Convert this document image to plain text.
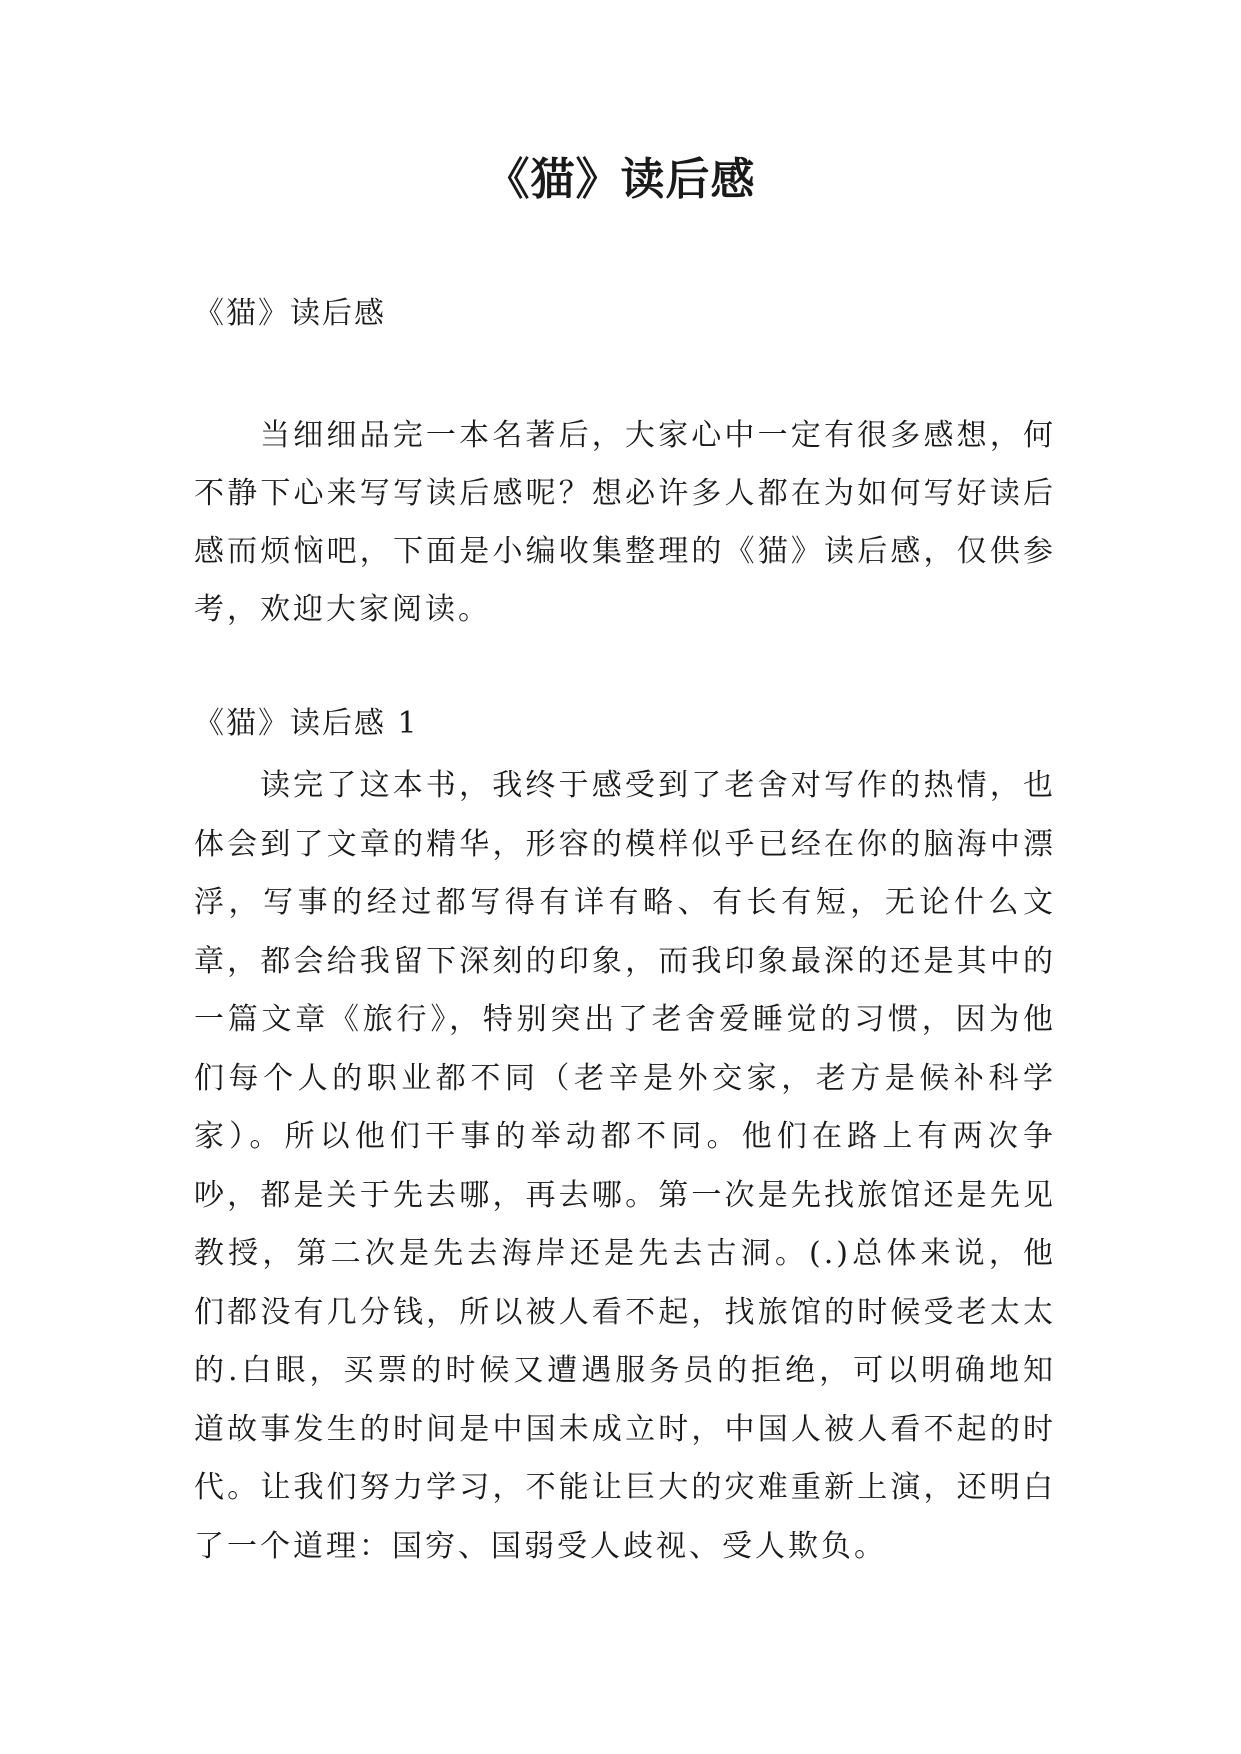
《猫》读后感
《猫》读后感

当细细品完一本名著后，大家心中一定有很多感想，何不静下心来写写读后感呢？想必许多人都在为如何写好读后感而烦恼吧，下面是小编收集整理的《猫》读后感，仅供参考，欢迎大家阅读。

《猫》读后感 1

读完了这本书，我终于感受到了老舍对写作的热情，也体会到了文章的精华，形容的模样似乎已经在你的脑海中漂浮，写事的经过都写得有详有略、有长有短，无论什么文章，都会给我留下深刻的印象，而我印象最深的还是其中的一篇文章《旅行》，特别突出了老舍爱睡觉的习惯，因为他们每个人的职业都不同（老辛是外交家，老方是候补科学家）。所以他们干事的举动都不同。他们在路上有两次争吵，都是关于先去哪，再去哪。第一次是先找旅馆还是先见教授，第二次是先去海岸还是先去古洞。(.)总体来说，他们都没有几分钱，所以被人看不起，找旅馆的时候受老太太的.白眼，买票的时候又遭遇服务员的拒绝，可以明确地知道故事发生的时间是中国未成立时，中国人被人看不起的时代。让我们努力学习，不能让巨大的灾难重新上演，还明白了一个道理：国穷、国弱受人歧视、受人欺负。
